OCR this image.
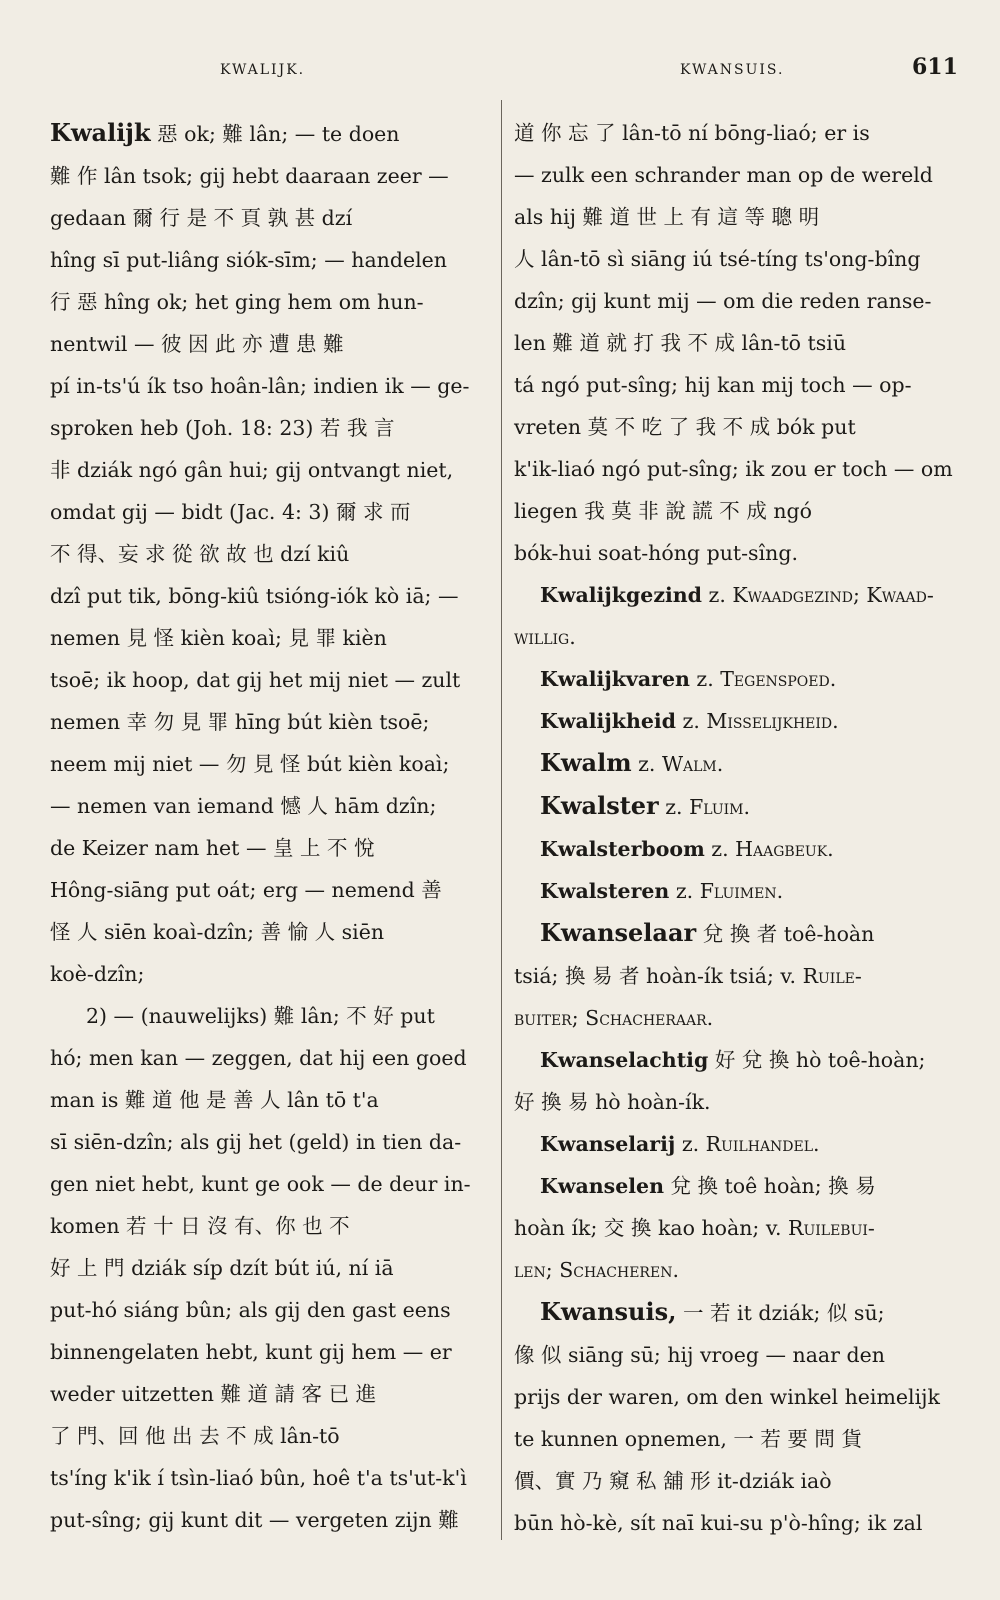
KWALIJK.	KWANSUIS.	611
Kwalijk 惡 ok; 難 lân; — te doen
難 作 lân tsok; gij hebt daaraan zeer —
gedaan 爾 行 是 不 頁 孰 甚 dzí
hîng sī put-liâng siók-sīm; — handelen
行 惡 hîng ok; het ging hem om hun-
nentwil — 彼 因 此 亦 遭 患 難
pí in-ts'ú ík tso hoân-lân; indien ik — ge-
sproken heb (Joh. 18: 23) 若 我 言
非 dziák ngó gân hui; gij ontvangt niet,
omdat gij — bidt (Jac. 4: 3) 爾 求 而
不 得、妄 求 從 欲 故 也 dzí kiû
dzî put tik, bōng-kiû tsióng-iók kò iā; —
nemen 見 怪 kièn koaì; 見 罪 kièn
tsoē; ik hoop, dat gij het mij niet — zult
nemen 幸 勿 見 罪 hīng bút kièn tsoē;
neem mij niet — 勿 見 怪 bút kièn koaì;
— nemen van iemand 憾 人 hām dzîn;
de Keizer nam het — 皇 上 不 悅
Hông-siāng put oát; erg — nemend 善
怪 人 siēn koaì-dzîn; 善 愉 人 siēn
koè-dzîn;
2) — (nauwelijks) 難 lân; 不 好 put
hó; men kan — zeggen, dat hij een goed
man is 難 道 他 是 善 人 lân tō t'a
sī siēn-dzîn; als gij het (geld) in tien da-
gen niet hebt, kunt ge ook — de deur in-
komen 若 十 日 沒 有、你 也 不
好 上 門 dziák síp dzít bút iú, ní iā
put-hó siáng bûn; als gij den gast eens
binnengelaten hebt, kunt gij hem — er
weder uitzetten 難 道 請 客 已 進
了 門、回 他 出 去 不 成 lân-tō
ts'íng k'ik í tsìn-liaó bûn, hoê t'a ts'ut-k'ì
put-sîng; gij kunt dit — vergeten zijn 難
道 你 忘 了 lân-tō ní bōng-liaó; er is
— zulk een schrander man op de wereld
als hij 難 道 世 上 有 這 等 聰 明
人 lân-tō sì siāng iú tsé-tíng ts'ong-bîng
dzîn; gij kunt mij — om die reden ranse-
len 難 道 就 打 我 不 成 lân-tō tsiū
tá ngó put-sîng; hij kan mij toch — op-
vreten 莫 不 吃 了 我 不 成 bók put
k'ik-liaó ngó put-sîng; ik zou er toch — om
liegen 我 莫 非 說 謊 不 成 ngó
bók-hui soat-hóng put-sîng.
Kwalijkgezind z. Kwaadgezind; Kwaad-
willig.
Kwalijkvaren z. Tegenspoed.
Kwalijkheid z. Misselijkheid.
Kwalm z. Walm.
Kwalster z. Fluim.
Kwalsterboom z. Haagbeuk.
Kwalsteren z. Fluimen.
Kwanselaar 兌 換 者 toê-hoàn
tsiá; 換 易 者 hoàn-ík tsiá; v. Ruile-
buiter; Schacheraar.
Kwanselachtig 好 兌 換 hò toê-hoàn;
好 換 易 hò hoàn-ík.
Kwanselarij z. Ruilhandel.
Kwanselen 兌 換 toê hoàn; 換 易
hoàn ík; 交 換 kao hoàn; v. Ruilebui-
len; Schacheren.
Kwansuis, 一 若 it dziák; 似 sū;
像 似 siāng sū; hij vroeg — naar den
prijs der waren, om den winkel heimelijk
te kunnen opnemen, 一 若 要 問 貨
價、實 乃 窺 私 舖 形 it-dziák iaò
būn hò-kè, sít naī kui-su p'ò-hîng; ik zal
